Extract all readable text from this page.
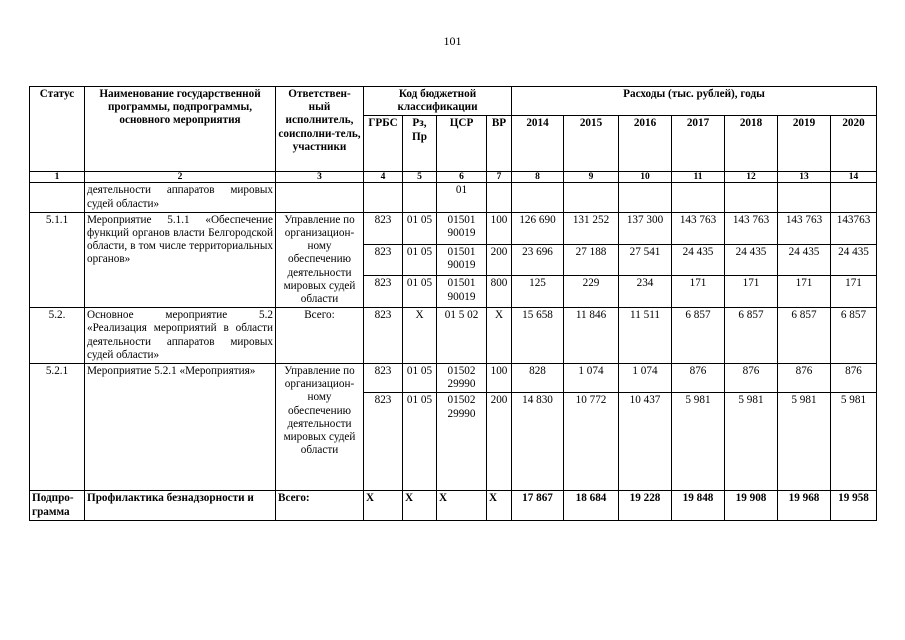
101
Статус	Наименование государственной программы, подпрограммы, основного мероприятия	Ответствен-ный исполнитель, соисполни-тель, участники	Код бюджетной классификации				Расходы (тыс. рублей), годы						
			ГРБС	Рз, Пр	ЦСР	ВР	2014	2015	2016	2017	2018	2019	2020
1	2	3	4	5	6	7	8	9	10	11	12	13	14
	деятельности аппаратов мировых судей области»				01								
5.1.1	Мероприятие 5.1.1 «Обеспечение функций органов власти Белгородской области, в том числе территориальных органов»	Управление по организацион-ному обеспечению деятельности мировых судей области	823	01 05	01501 90019	100	126 690	131 252	137 300	143 763	143 763	143 763	143763
			823	01 05	01501 90019	200	23 696	27 188	27 541	24 435	24 435	24 435	24 435
			823	01 05	01501 90019	800	125	229	234	171	171	171	171
5.2.	Основное мероприятие 5.2 «Реализация мероприятий в области деятельности аппаратов мировых судей области»	Всего:	823	Х	01 5 02	Х	15 658	11 846	11 511	6 857	6 857	6 857	6 857
5.2.1	Мероприятие 5.2.1 «Мероприятия»	Управление по организацион-ному обеспечению деятельности мировых судей области	823	01 05	01502 29990	100	828	1 074	1 074	876	876	876	876
			823	01 05	01502 29990	200	14 830	10 772	10 437	5 981	5 981	5 981	5 981
Подпро-грамма	Профилактика безнадзорности и	Всего:	Х	Х	Х	Х	17 867	18 684	19 228	19 848	19 908	19 968	19 958
